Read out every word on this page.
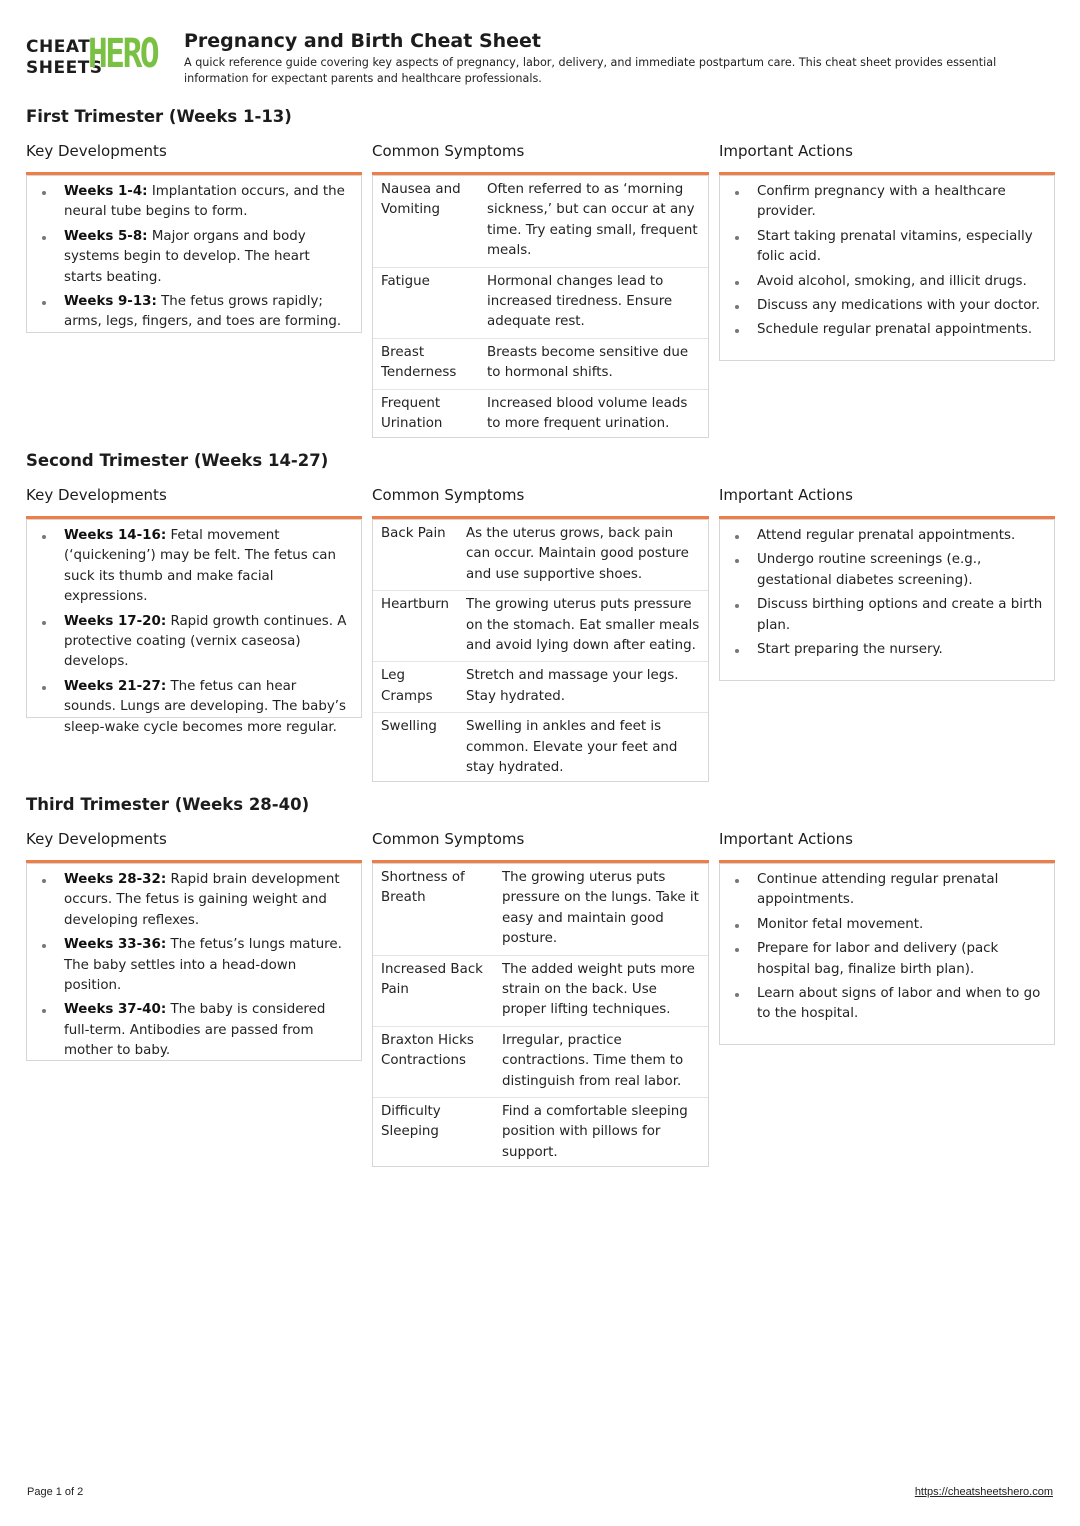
CHEAT
SHEETS
HERO Pregnancy and Birth Cheat Sheet
A quick reference guide covering key aspects of pregnancy, labor, delivery, and immediate postpartum care. This cheat sheet provides essential information for expectant parents and healthcare professionals.
First Trimester (Weeks 1-13)
Key Developments	Common Symptoms	Important Actions
Weeks 1-4: Implantation occurs, and the neural tube begins to form.
Weeks 5-8: Major organs and body systems begin to develop. The heart starts beating.
Weeks 9-13: The fetus grows rapidly; arms, legs, fingers, and toes are forming.
Nausea and Vomiting	Often referred to as ‘morning sickness,’ but can occur at any time. Try eating small, frequent meals.
Fatigue	Hormonal changes lead to increased tiredness. Ensure adequate rest.
Breast Tenderness	Breasts become sensitive due to hormonal shifts.
Frequent Urination	Increased blood volume leads to more frequent urination.
Confirm pregnancy with a healthcare provider.
Start taking prenatal vitamins, especially folic acid.
Avoid alcohol, smoking, and illicit drugs.
Discuss any medications with your doctor.
Schedule regular prenatal appointments.
Second Trimester (Weeks 14-27)
Key Developments	Common Symptoms	Important Actions
Weeks 14-16: Fetal movement (‘quickening’) may be felt. The fetus can suck its thumb and make facial expressions.
Weeks 17-20: Rapid growth continues. A protective coating (vernix caseosa) develops.
Weeks 21-27: The fetus can hear sounds. Lungs are developing. The baby’s sleep-wake cycle becomes more regular.
Back Pain	As the uterus grows, back pain can occur. Maintain good posture and use supportive shoes.
Heartburn	The growing uterus puts pressure on the stomach. Eat smaller meals and avoid lying down after eating.
Leg Cramps	Stretch and massage your legs. Stay hydrated.
Swelling	Swelling in ankles and feet is common. Elevate your feet and stay hydrated.
Attend regular prenatal appointments.
Undergo routine screenings (e.g., gestational diabetes screening).
Discuss birthing options and create a birth plan.
Start preparing the nursery.
Third Trimester (Weeks 28-40)
Key Developments	Common Symptoms	Important Actions
Weeks 28-32: Rapid brain development occurs. The fetus is gaining weight and developing reflexes.
Weeks 33-36: The fetus’s lungs mature. The baby settles into a head-down position.
Weeks 37-40: The baby is considered full-term. Antibodies are passed from mother to baby.
Shortness of Breath	The growing uterus puts pressure on the lungs. Take it easy and maintain good posture.
Increased Back Pain	The added weight puts more strain on the back. Use proper lifting techniques.
Braxton Hicks Contractions	Irregular, practice contractions. Time them to distinguish from real labor.
Difficulty Sleeping	Find a comfortable sleeping position with pillows for support.
Continue attending regular prenatal appointments.
Monitor fetal movement.
Prepare for labor and delivery (pack hospital bag, finalize birth plan).
Learn about signs of labor and when to go to the hospital.
Page 1 of 2	https://cheatsheetshero.com
